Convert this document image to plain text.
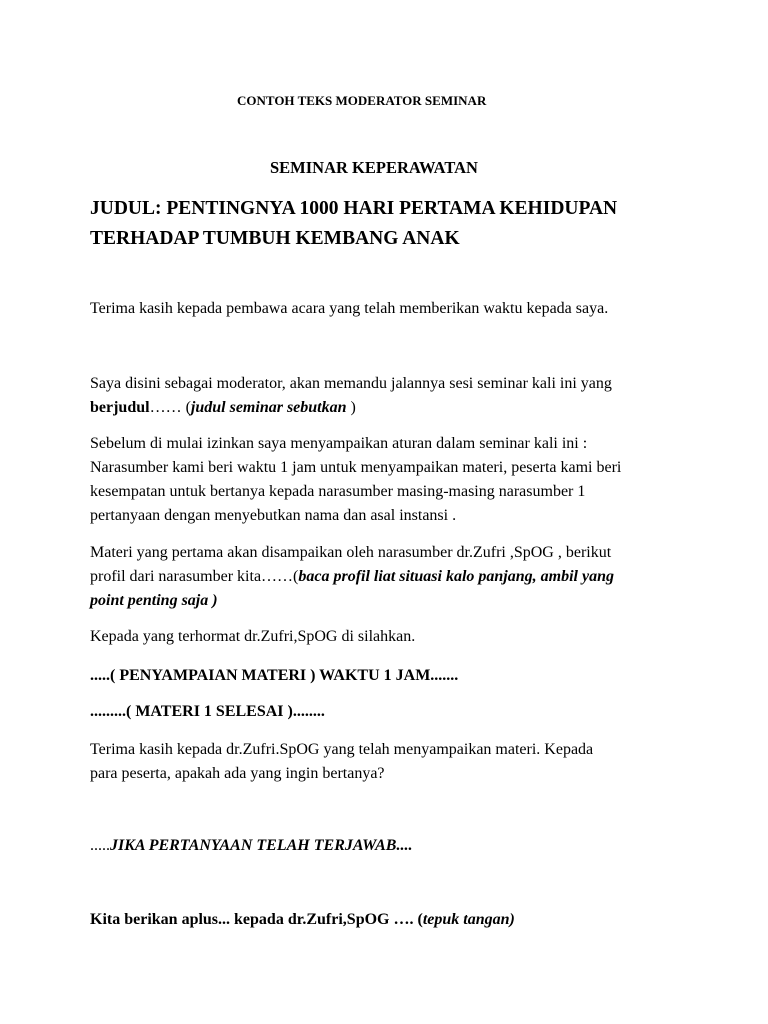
CONTOH TEKS MODERATOR SEMINAR
SEMINAR KEPERAWATAN
JUDUL: PENTINGNYA 1000 HARI PERTAMA KEHIDUPAN
TERHADAP TUMBUH KEMBANG ANAK
Terima kasih kepada pembawa acara yang telah memberikan waktu kepada saya.
Saya disini sebagai moderator, akan memandu jalannya sesi seminar kali ini yang
berjudul…… (judul seminar sebutkan )
Sebelum di mulai izinkan saya menyampaikan aturan dalam seminar kali ini :
Narasumber kami beri waktu 1 jam untuk menyampaikan materi, peserta kami beri
kesempatan untuk bertanya kepada narasumber masing-masing narasumber 1
pertanyaan dengan menyebutkan nama dan asal instansi .
Materi yang pertama akan disampaikan oleh narasumber dr.Zufri ,SpOG , berikut
profil dari narasumber kita……(baca profil liat situasi kalo panjang, ambil yang
point penting saja )
Kepada yang terhormat dr.Zufri,SpOG di silahkan.
.....( PENYAMPAIAN MATERI ) WAKTU 1 JAM.......
.........( MATERI 1 SELESAI )........
Terima kasih kepada dr.Zufri.SpOG yang telah menyampaikan materi. Kepada
para peserta, apakah ada yang ingin bertanya?
.....JIKA PERTANYAAN TELAH TERJAWAB....
Kita berikan aplus... kepada dr.Zufri,SpOG …. (tepuk tangan)
